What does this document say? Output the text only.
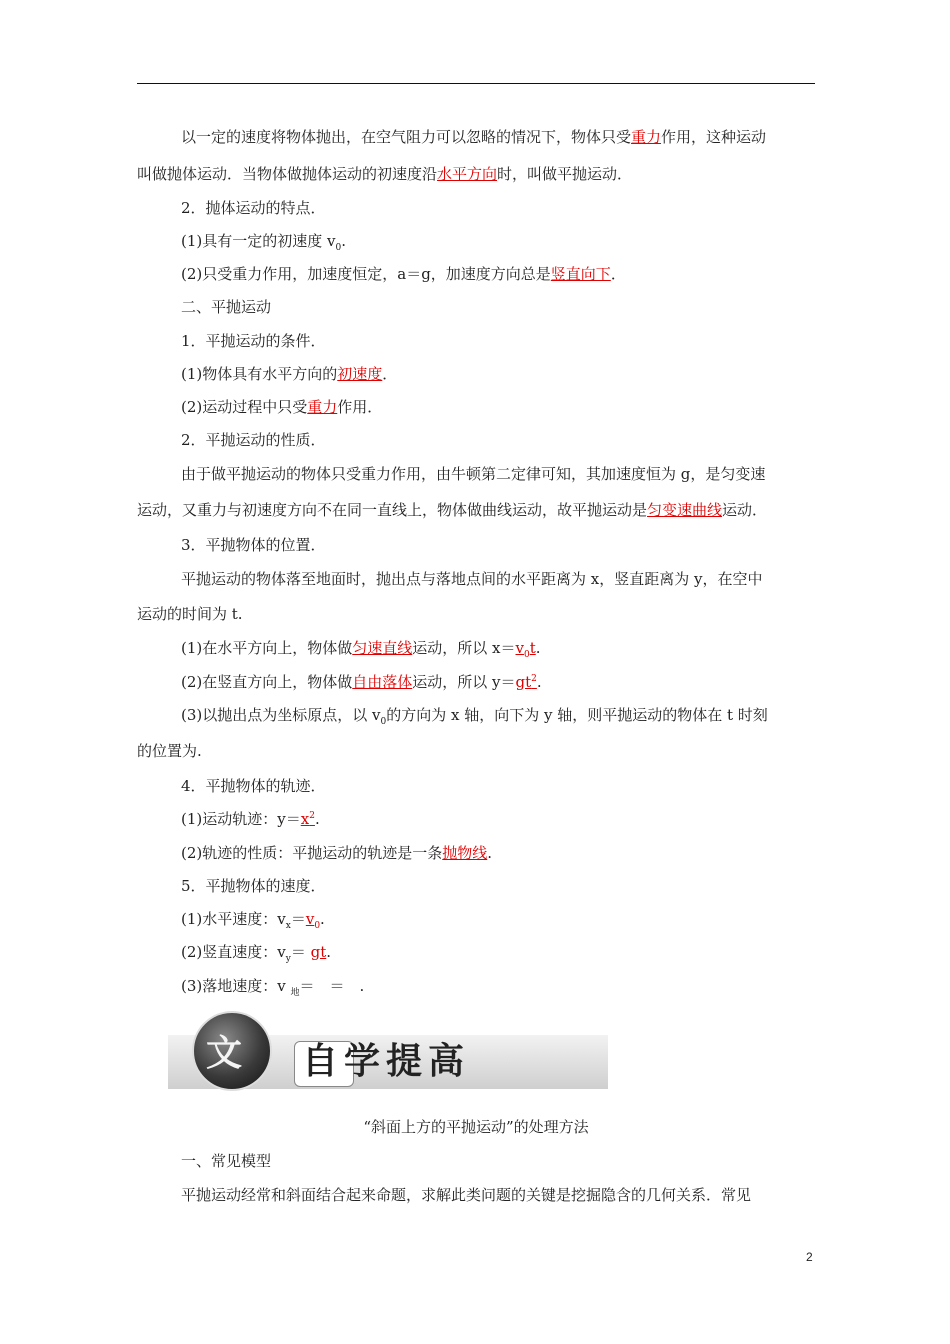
以一定的速度将物体抛出，在空气阻力可以忽略的情况下，物体只受重力作用，这种运动
叫做抛体运动．当物体做抛体运动的初速度沿水平方向时，叫做平抛运动．
2．抛体运动的特点．
(1)具有一定的初速度 $v_0$.
(2)只受重力作用，加速度恒定，a＝g，加速度方向总是竖直向下．
二、平抛运动
1．平抛运动的条件．
(1)物体具有水平方向的初速度．
(2)运动过程中只受重力作用．
2．平抛运动的性质．
由于做平抛运动的物体只受重力作用，由牛顿第二定律可知，其加速度恒为 g，是匀变速
运动，又重力与初速度方向不在同一直线上，物体做曲线运动，故平抛运动是匀变速曲线运动．
3．平抛物体的位置．
平抛运动的物体落至地面时，抛出点与落地点间的水平距离为 x，竖直距离为 y，在空中
运动的时间为 t.
(1)在水平方向上，物体做匀速直线运动，所以 $x=v_0t$.
(2)在竖直方向上，物体做自由落体运动，所以 $y=gt^2$.
(3)以抛出点为坐标原点，以 $v_0$的方向为 x 轴，向下为 y 轴，则平抛运动的物体在 t 时刻
的位置为.
4．平抛物体的轨迹．
(1)运动轨迹：$y=x^2$.
(2)轨迹的性质：平抛运动的轨迹是一条抛物线.
5．平抛物体的速度．
(1)水平速度：$v_x=v_0$.
(2)竖直速度：$v_y=$ gt.
(3)落地速度：v $_地$＝　＝　.
文 自学提高
“斜面上方的平抛运动”的处理方法
一、常见模型
平抛运动经常和斜面结合起来命题，求解此类问题的关键是挖掘隐含的几何关系．常见
2
